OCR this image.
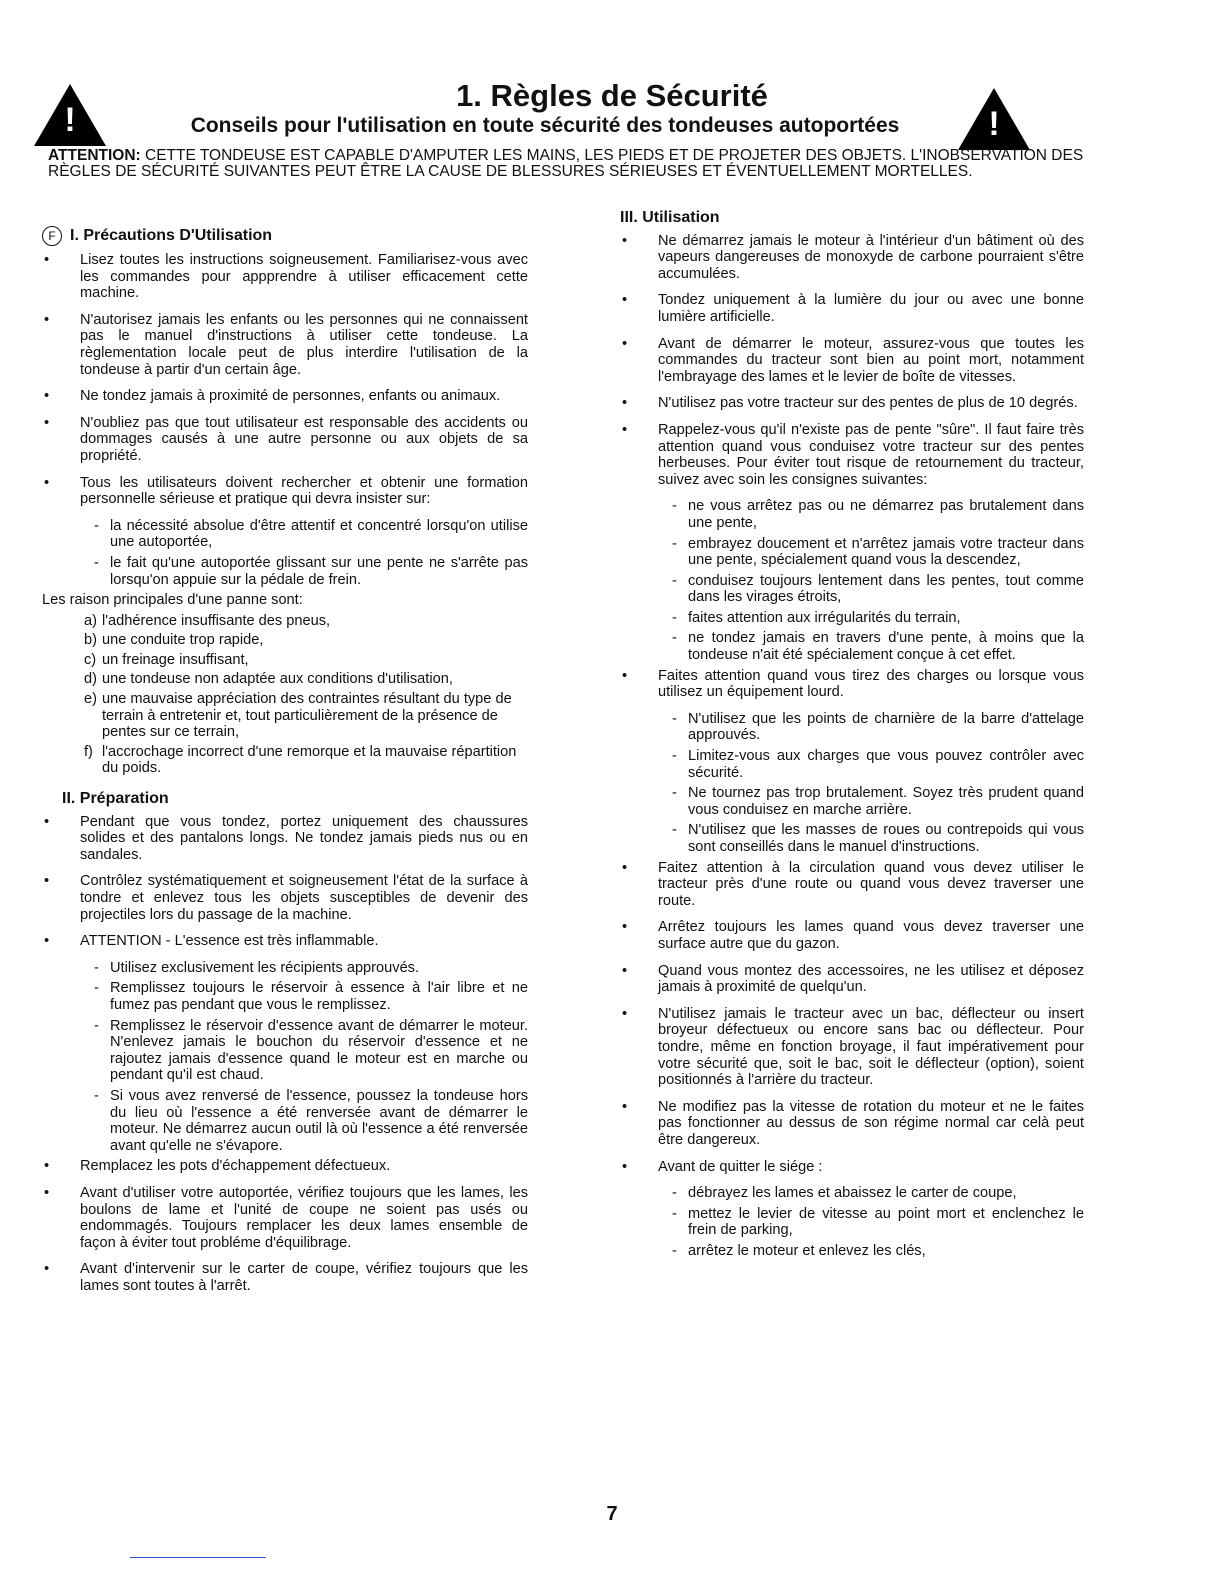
!	!
1. Règles de Sécurité
Conseils pour l'utilisation en toute sécurité des tondeuses autoportées
ATTENTION: CETTE TONDEUSE EST CAPABLE D'AMPUTER LES MAINS, LES PIEDS ET DE PROJETER DES OBJETS. L'INOBSERVATION DES RÈGLES DE SÉCURITÉ SUIVANTES PEUT ÊTRE LA CAUSE DE BLESSURES SÉRIEUSES ET ÉVENTUELLEMENT MORTELLES.
F I. Précautions D'Utilisation
• Lisez toutes les instructions soigneusement. Familiarisez-vous avec les commandes pour appprendre à utiliser efficacement cette machine.
• N'autorisez jamais les enfants ou les personnes qui ne connaissent pas le manuel d'instructions à utiliser cette tondeuse. La règlementation locale peut de plus interdire l'utilisation de la tondeuse à partir d'un certain âge.
• Ne tondez jamais à proximité de personnes, enfants ou animaux.
• N'oubliez pas que tout utilisateur est responsable des accidents ou dommages causés à une autre personne ou aux objets de sa propriété.
• Tous les utilisateurs doivent rechercher et obtenir une formation personnelle sérieuse et pratique qui devra insister sur:
- la nécessité absolue d'être attentif et concentré lorsqu'on utilise une autoportée,
- le fait qu'une autoportée glissant sur une pente ne s'arrête pas lorsqu'on appuie sur la pédale de frein.
Les raison principales d'une panne sont:
a) l'adhérence insuffisante des pneus,
b) une conduite trop rapide,
c) un freinage insuffisant,
d) une tondeuse non adaptée aux conditions d'utilisation,
e) une mauvaise appréciation des contraintes résultant du type de terrain à entretenir et, tout particulièrement de la présence de pentes sur ce terrain,
f) l'accrochage incorrect d'une remorque et la mauvaise répartition du poids.
II. Préparation
• Pendant que vous tondez, portez uniquement des chaussures solides et des pantalons longs. Ne tondez jamais pieds nus ou en sandales.
• Contrôlez systématiquement et soigneusement l'état de la surface à tondre et enlevez tous les objets susceptibles de devenir des projectiles lors du passage de la machine.
• ATTENTION - L'essence est très inflammable.
- Utilisez exclusivement les récipients approuvés.
- Remplissez toujours le réservoir à essence à l'air libre et ne fumez pas pendant que vous le remplissez.
- Remplissez le réservoir d'essence avant de démarrer le moteur. N'enlevez jamais le bouchon du réservoir d'essence et ne rajoutez jamais d'essence quand le moteur est en marche ou pendant qu'il est chaud.
- Si vous avez renversé de l'essence, poussez la tondeuse hors du lieu où l'essence a été renversée avant de démarrer le moteur. Ne démarrez aucun outil là où l'essence a été renversée avant qu'elle ne s'évapore.
• Remplacez les pots d'échappement défectueux.
• Avant d'utiliser votre autoportée, vérifiez toujours que les lames, les boulons de lame et l'unité de coupe ne soient pas usés ou endommagés. Toujours remplacer les deux lames ensemble de façon à éviter tout probléme d'équilibrage.
• Avant d'intervenir sur le carter de coupe, vérifiez toujours que les lames sont toutes à l'arrêt.
III. Utilisation
• Ne démarrez jamais le moteur à l'intérieur d'un bâtiment où des vapeurs dangereuses de monoxyde de carbone pourraient s'être accumulées.
• Tondez uniquement à la lumière du jour ou avec une bonne lumière artificielle.
• Avant de démarrer le moteur, assurez-vous que toutes les commandes du tracteur sont bien au point mort, notamment l'embrayage des lames et le levier de boîte de vitesses.
• N'utilisez pas votre tracteur sur des pentes de plus de 10 degrés.
• Rappelez-vous qu'il n'existe pas de pente "sûre". Il faut faire très attention quand vous conduisez votre tracteur sur des pentes herbeuses. Pour éviter tout risque de retournement du tracteur, suivez avec soin les consignes suivantes:
- ne vous arrêtez pas ou ne démarrez pas brutalement dans une pente,
- embrayez doucement et n'arrêtez jamais votre tracteur dans une pente, spécialement quand vous la descendez,
- conduisez toujours lentement dans les pentes, tout comme dans les virages étroits,
- faites attention aux irrégularités du terrain,
- ne tondez jamais en travers d'une pente, à moins que la tondeuse n'ait été spécialement conçue à cet effet.
• Faites attention quand vous tirez des charges ou lorsque vous utilisez un équipement lourd.
- N'utilisez que les points de charnière de la barre d'attelage approuvés.
- Limitez-vous aux charges que vous pouvez contrôler avec sécurité.
- Ne tournez pas trop brutalement. Soyez très prudent quand vous conduisez en marche arrière.
- N'utilisez que les masses de roues ou contrepoids qui vous sont conseillés dans le manuel d'instructions.
• Faitez attention à la circulation quand vous devez utiliser le tracteur près d'une route ou quand vous devez traverser une route.
• Arrêtez toujours les lames quand vous devez traverser une surface autre que du gazon.
• Quand vous montez des accessoires, ne les utilisez et déposez jamais à proximité de quelqu'un.
• N'utilisez jamais le tracteur avec un bac, déflecteur ou insert broyeur défectueux ou encore sans bac ou déflecteur. Pour tondre, même en fonction broyage, il faut impérativement pour votre sécurité que, soit le bac, soit le déflecteur (option), soient positionnés à l'arrière du tracteur.
• Ne modifiez pas la vitesse de rotation du moteur et ne le faites pas fonctionner au dessus de son régime normal car celà peut être dangereux.
• Avant de quitter le siége :
- débrayez les lames et abaissez le carter de coupe,
- mettez le levier de vitesse au point mort et enclenchez le frein de parking,
- arrêtez le moteur et enlevez les clés,
7
